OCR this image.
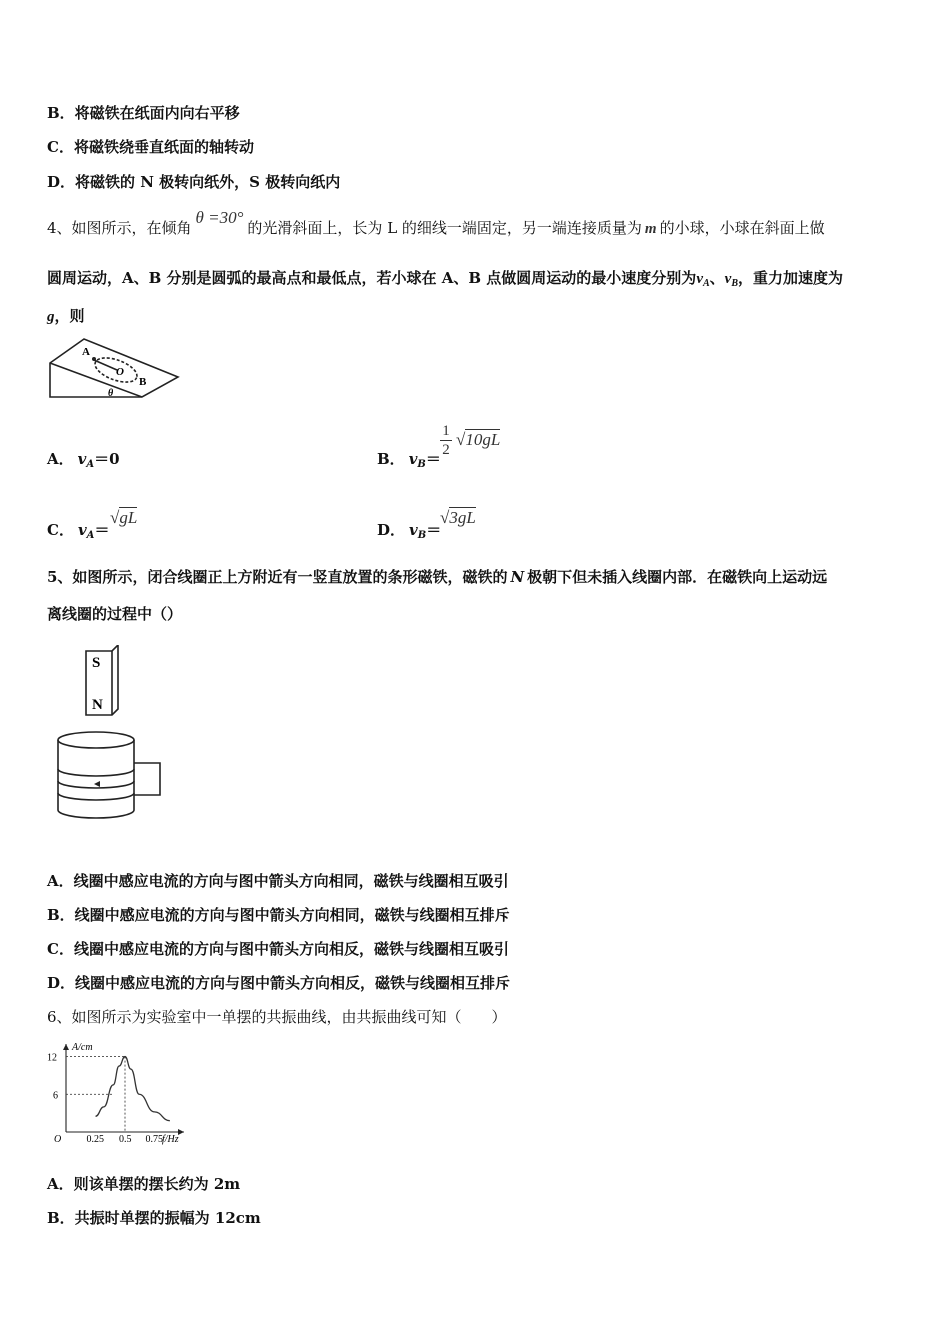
B．将磁铁在纸面内向右平移
C．将磁铁绕垂直纸面的轴转动
D．将磁铁的 N 极转向纸外，S 极转向纸内
4、如图所示，在倾角θ =30°的光滑斜面上，长为 L 的细线一端固定，另一端连接质量为 m 的小球，小球在斜面上做
圆周运动，A、B 分别是圆弧的最高点和最低点，若小球在 A、B 点做圆周运动的最小速度分别为$v_A$、$v_B$，重力加速度为
g，则
A
O
B
θ
A． $v_A=0$	B． $v_B=$
1
2
√10gL
C． $v_A=$
√gL
D． $v_B=$
√3gL
5、如图所示，闭合线圈正上方附近有一竖直放置的条形磁铁，磁铁的 N 极朝下但未插入线圈内部．在磁铁向上运动远
离线圈的过程中（）
S
N
A．线圈中感应电流的方向与图中箭头方向相同，磁铁与线圈相互吸引
B．线圈中感应电流的方向与图中箭头方向相同，磁铁与线圈相互排斥
C．线圈中感应电流的方向与图中箭头方向相反，磁铁与线圈相互吸引
D．线圈中感应电流的方向与图中箭头方向相反，磁铁与线圈相互排斥
6、如图所示为实验室中一单摆的共振曲线，由共振曲线可知（　　）
A/cm
f/Hz
O	0.25 0.5 0.75
6
12
A．则该单摆的摆长约为 2m
B．共振时单摆的振幅为 12cm
